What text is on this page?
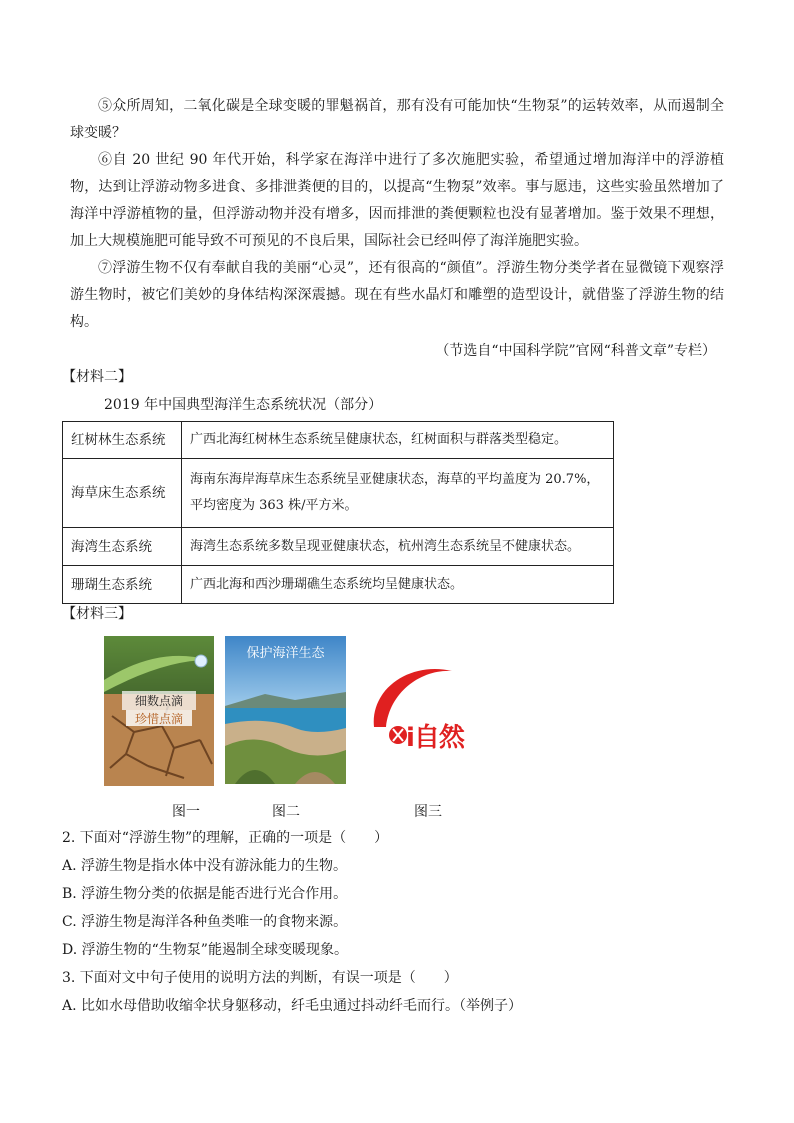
⑤众所周知，二氧化碳是全球变暖的罪魁祸首，那有没有可能加快“生物泵”的运转效率，从而遏制全球变暖？

⑥自 20 世纪 90 年代开始，科学家在海洋中进行了多次施肥实验，希望通过增加海洋中的浮游植物，达到让浮游动物多进食、多排泄粪便的目的，以提高“生物泵”效率。事与愿违，这些实验虽然增加了海洋中浮游植物的量，但浮游动物并没有增多，因而排泄的粪便颗粒也没有显著增加。鉴于效果不理想，加上大规模施肥可能导致不可预见的不良后果，国际社会已经叫停了海洋施肥实验。

⑦浮游生物不仅有奉献自我的美丽“心灵”，还有很高的“颜值”。浮游生物分类学者在显微镜下观察浮游生物时，被它们美妙的身体结构深深震撼。现在有些水晶灯和雕塑的造型设计，就借鉴了浮游生物的结构。

（节选自“中国科学院”官网“科普文章”专栏）
【材料二】
2019 年中国典型海洋生态系统状况（部分）
红树林生态系统	广西北海红树林生态系统呈健康状态，红树面积与群落类型稳定。
海草床生态系统	海南东海岸海草床生态系统呈亚健康状态，海草的平均盖度为 20.7%，平均密度为 363 株/平方米。
海湾生态系统	海湾生态系统多数呈现亚健康状态，杭州湾生态系统呈不健康状态。
珊瑚生态系统	广西北海和西沙珊瑚礁生态系统均呈健康状态。
【材料三】
细数点滴
珍惜点滴
保护海洋生态
i自然
图一	图二	图三
2. 下面对“浮游生物”的理解，正确的一项是（　　）
A. 浮游生物是指水体中没有游泳能力的生物。
B. 浮游生物分类的依据是能否进行光合作用。
C. 浮游生物是海洋各种鱼类唯一的食物来源。
D. 浮游生物的“生物泵”能遏制全球变暖现象。
3. 下面对文中句子使用的说明方法的判断，有误一项是（　　）
A. 比如水母借助收缩伞状身躯移动，纤毛虫通过抖动纤毛而行。（举例子）
